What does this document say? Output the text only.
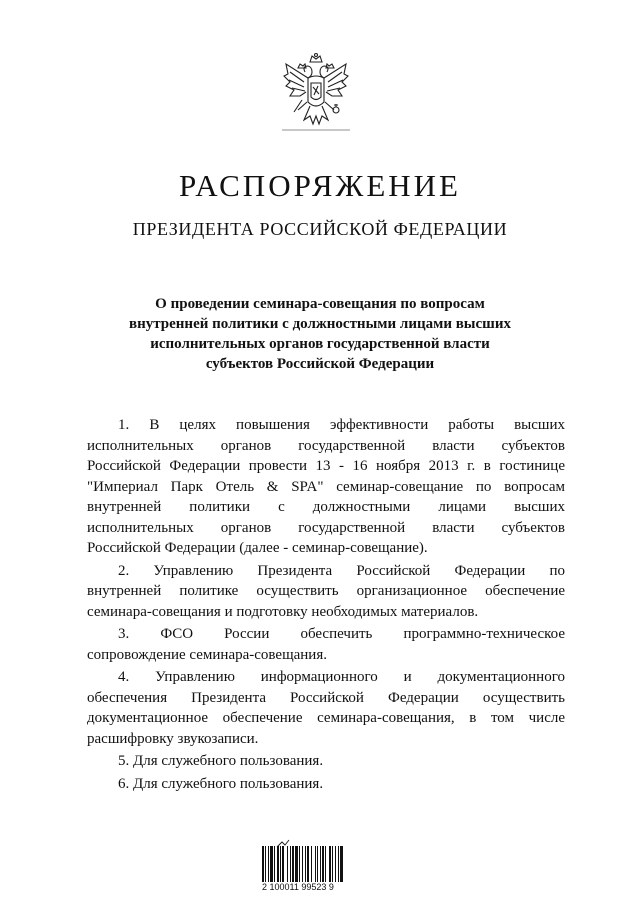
РАСПОРЯЖЕНИЕ
ПРЕЗИДЕНТА РОССИЙСКОЙ ФЕДЕРАЦИИ
О проведении семинара-совещания по вопросам
внутренней политики с должностными лицами высших
исполнительных органов государственной власти
субъектов Российской Федерации
1. В целях повышения эффективности работы высших
исполнительных органов государственной власти субъектов
Российской Федерации провести 13 - 16 ноября 2013 г. в гостинице
"Империал Парк Отель & SPA" семинар-совещание по вопросам
внутренней политики с должностными лицами высших
исполнительных органов государственной власти субъектов
Российской Федерации (далее - семинар-совещание).
2. Управлению Президента Российской Федерации по
внутренней политике осуществить организационное обеспечение
семинара-совещания и подготовку необходимых материалов.
3. ФСО России обеспечить программно-техническое
сопровождение семинара-совещания.
4. Управлению информационного и документационного
обеспечения Президента Российской Федерации осуществить
документационное обеспечение семинара-совещания, в том числе
расшифровку звукозаписи.
5. Для служебного пользования.
6. Для служебного пользования.
2 100011 99523 9
